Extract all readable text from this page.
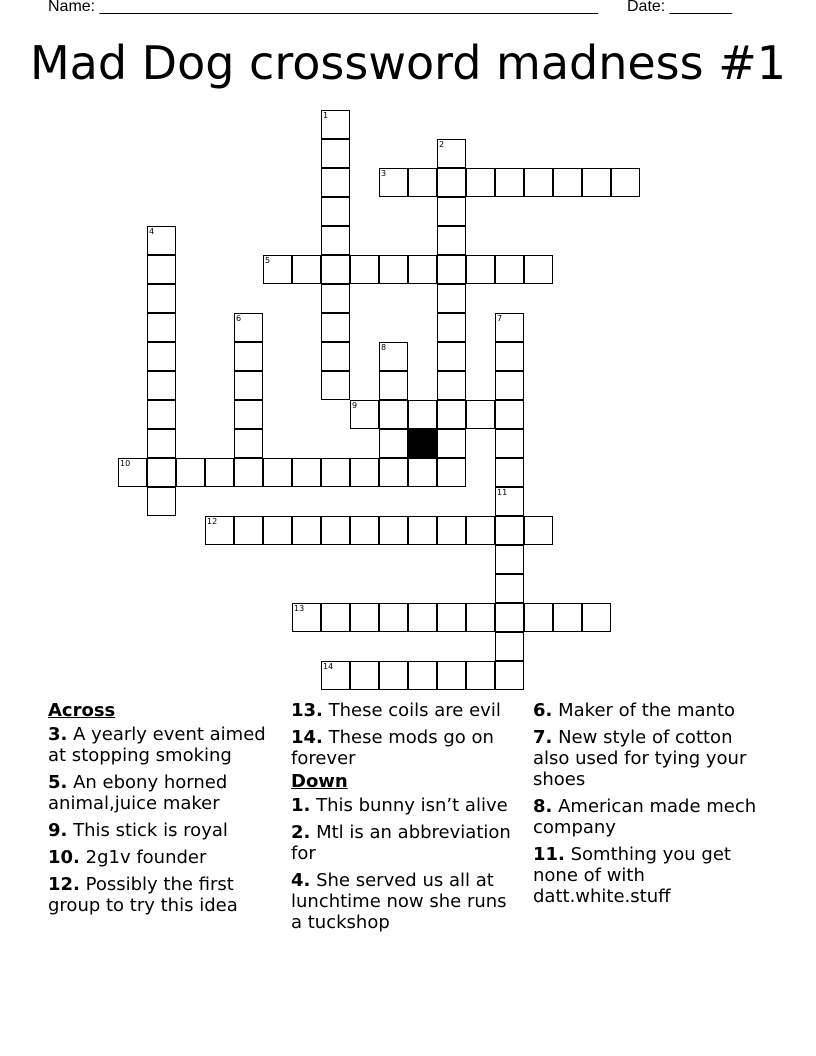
Name: ________________________________________________________ Date: _______
Mad Dog crossword madness #1
1
2
3
4
5
6	7
8
9
10
11
12
13
14
Across
3. A yearly event aimed at stopping smoking
5. An ebony horned animal,juice maker
9. This stick is royal
10. 2g1v founder
12. Possibly the first group to try this idea
13. These coils are evil
14. These mods go on forever
Down
1. This bunny isn’t alive
2. Mtl is an abbreviation for
4. She served us all at lunchtime now she runs a tuckshop
6. Maker of the manto
7. New style of cotton also used for tying your shoes
8. American made mech company
11. Somthing you get none of with datt.white.stuff
